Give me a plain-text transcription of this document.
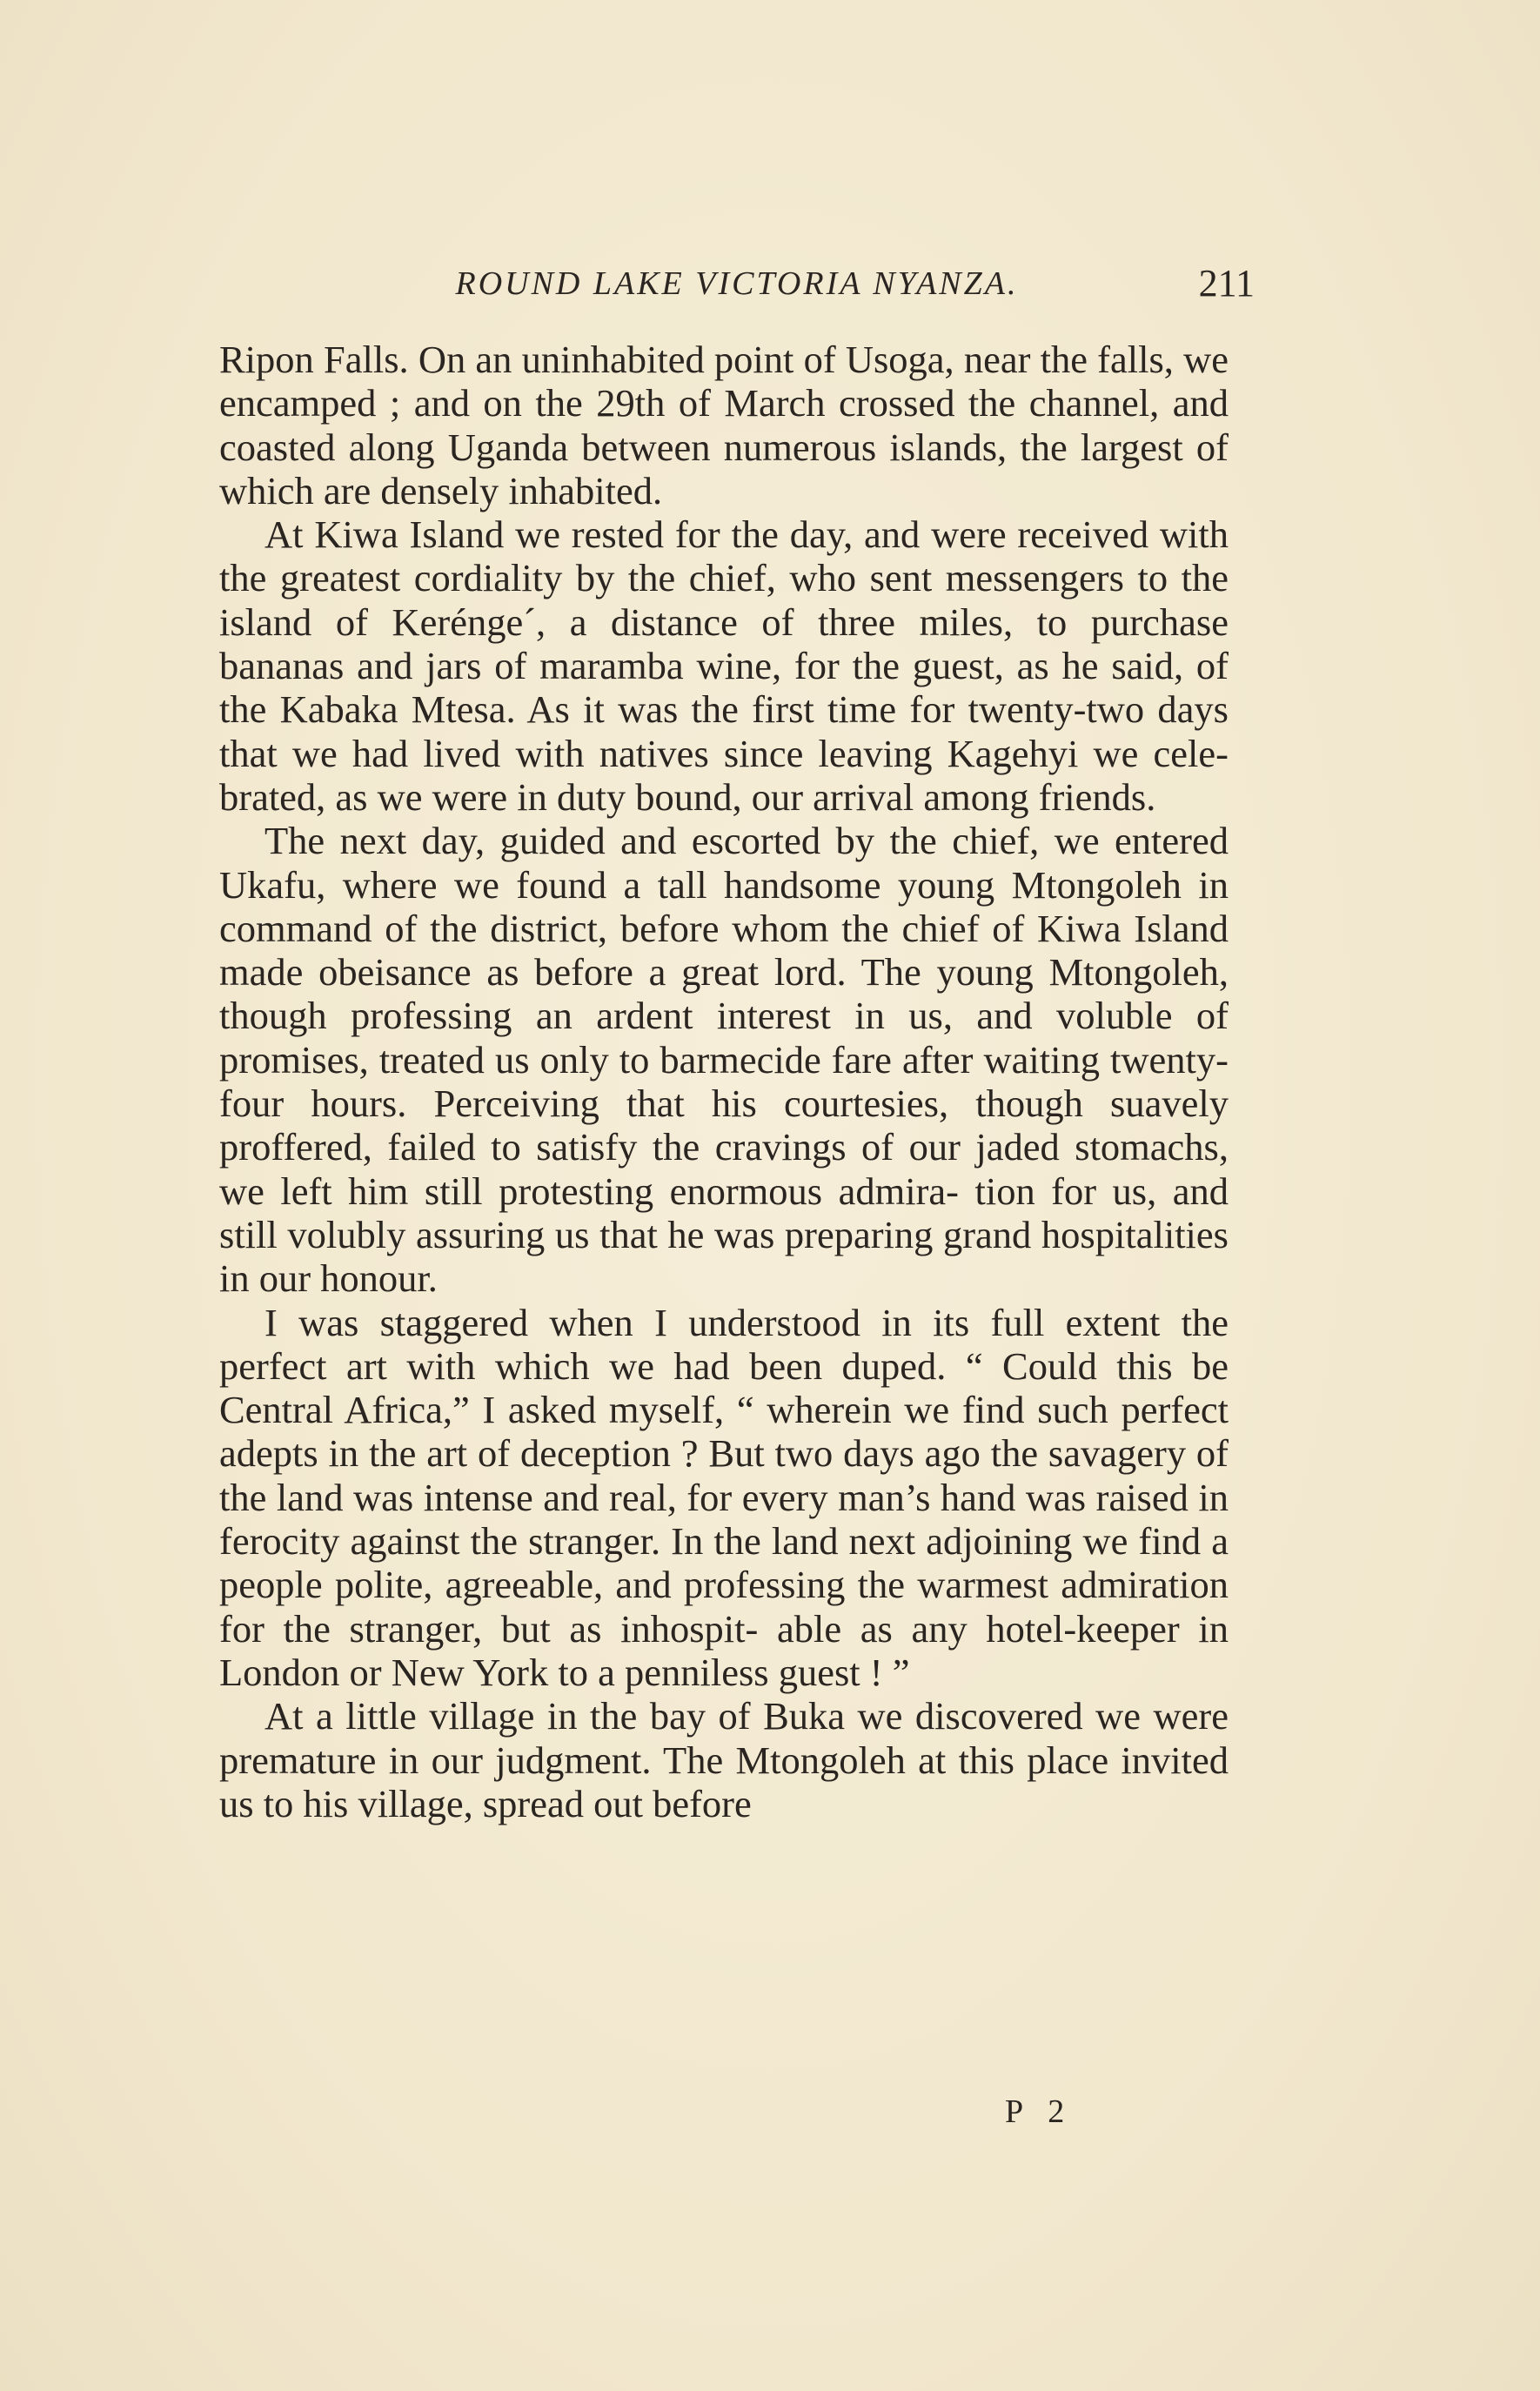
ROUND LAKE VICTORIA NYANZA.	211

Ripon Falls. On an uninhabited point of Usoga, near the falls, we encamped ; and on the 29th of March crossed the channel, and coasted along Uganda between numerous islands, the largest of which are densely inhabited.

At Kiwa Island we rested for the day, and were received with the greatest cordiality by the chief, who sent messengers to the island of Kerénge´, a distance of three miles, to purchase bananas and jars of maramba wine, for the guest, as he said, of the Kabaka Mtesa. As it was the first time for twenty-two days that we had lived with natives since leaving Kagehyi we cele- brated, as we were in duty bound, our arrival among friends.

The next day, guided and escorted by the chief, we entered Ukafu, where we found a tall handsome young Mtongoleh in command of the district, before whom the chief of Kiwa Island made obeisance as before a great lord. The young Mtongoleh, though professing an ardent interest in us, and voluble of promises, treated us only to barmecide fare after waiting twenty-four hours. Perceiving that his courtesies, though suavely proffered, failed to satisfy the cravings of our jaded stomachs, we left him still protesting enormous admira- tion for us, and still volubly assuring us that he was preparing grand hospitalities in our honour.

I was staggered when I understood in its full extent the perfect art with which we had been duped. “ Could this be Central Africa,” I asked myself, “ wherein we find such perfect adepts in the art of deception ? But two days ago the savagery of the land was intense and real, for every man’s hand was raised in ferocity against the stranger. In the land next adjoining we find a people polite, agreeable, and professing the warmest admiration for the stranger, but as inhospit- able as any hotel-keeper in London or New York to a penniless guest ! ”

At a little village in the bay of Buka we discovered we were premature in our judgment. The Mtongoleh at this place invited us to his village, spread out before

P 2
